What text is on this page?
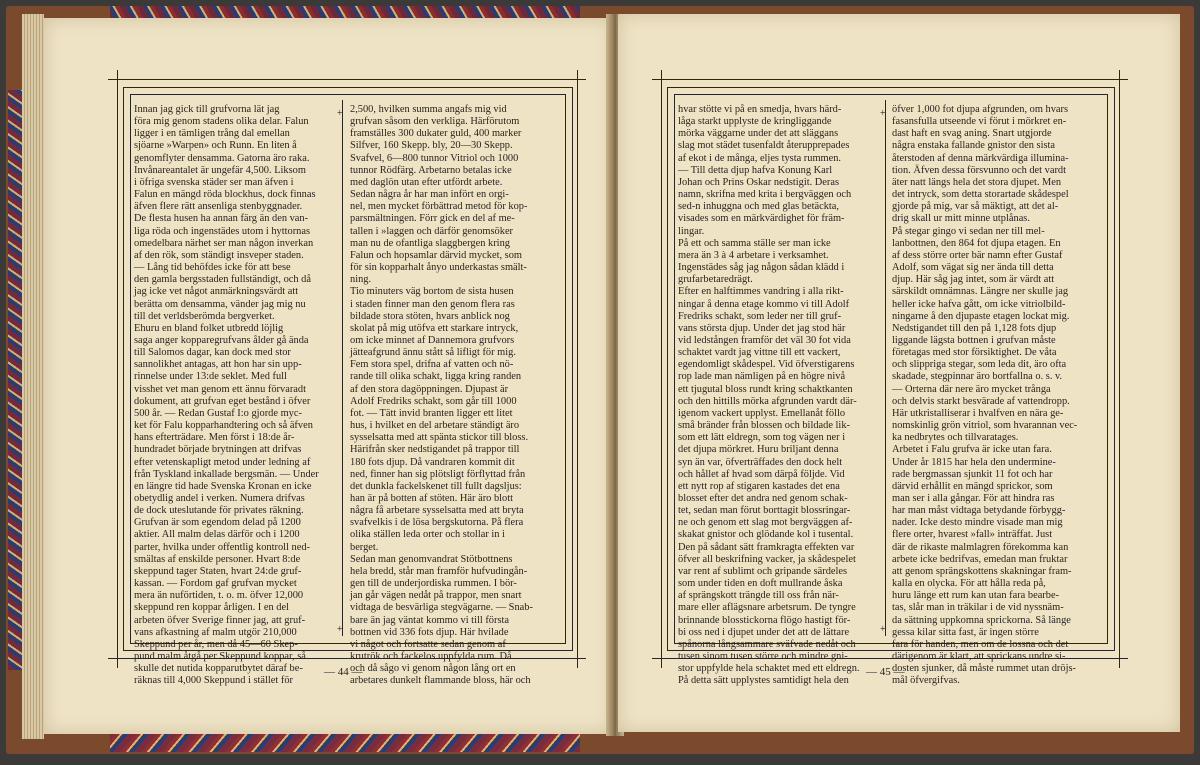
+
+
Innan jag gick till grufvorna lät jag
föra mig genom stadens olika delar. Falun
ligger i en tämligen trång dal emellan
sjöarne »Warpen» och Runn. En liten å
genomflyter densamma. Gatorna äro raka.
Invånareantalet är ungefär 4,500. Liksom
i öfriga svenska städer ser man äfven i
Falun en mängd röda blockhus, dock finnas
äfven flere rätt ansenliga stenbyggnader.
De flesta husen ha annan färg än den van-
liga röda och ingenstädes utom i hyttornas
omedelbara närhet ser man någon inverkan
af den rök, som ständigt insveper staden.
— Lång tid behöfdes icke för att bese
den gamla bergsstaden fullständigt, och då
jag icke vet något anmärkningsvärdt att
berätta om densamma, vänder jag mig nu
till det verldsberömda bergverket.
Ehuru en bland folket utbredd löjlig
saga anger kopparegrufvans ålder gå ända
till Salomos dagar, kan dock med stor
sannolikhet antagas, att hon har sin upp-
rinnelse under 13:de seklet. Med full
visshet vet man genom ett ännu förvaradt
dokument, att grufvan eget bestånd i öfver
500 år. — Redan Gustaf I:o gjorde myc-
ket för Falu kopparhandtering och så äfven
hans efterträdare. Men först i 18:de år-
hundradet började brytningen att drifvas
efter vetenskapligt metod under ledning af
från Tyskland inkallade bergsmän. — Under
en längre tid hade Svenska Kronan en icke
obetydlig andel i verken. Numera drifvas
de dock uteslutande för privates räkning.
Grufvan är som egendom delad på 1200
aktier. All malm delas därför och i 1200
parter, hvilka under offentlig kontroll ned-
smältas af enskilde personer. Hvart 8:de
skeppund tager Staten, hvart 24:de gruf-
kassan. — Fordom gaf grufvan mycket
mera än nuförtiden, t. o. m. öfver 12,000
skeppund ren koppar årligen. I en del
arbeten öfver Sverige finner jag, att gruf-
vans afkastning af malm utgör 210,000
Skeppund per år, men då 45—60 Skep-
pund malm åtgå per Skeppund koppar, så
skulle det nutida kopparutbytet däraf be-
räknas till 4,000 Skeppund i stället för
2,500, hvilken summa angafs mig vid
grufvan såsom den verkliga. Härförutom
framställes 300 dukater guld, 400 marker
Silfver, 160 Skepp. bly, 20—30 Skepp.
Svafvel, 6—800 tunnor Vitriol och 1000
tunnor Rödfärg. Arbetarno betalas icke
med daglön utan efter utfördt arbete.
Sedan några år har man infört en orgi-
nel, men mycket förbättrad metod för kop-
parsmältningen. Förr gick en del af me-
tallen i »laggen och därför genomsöker
man nu de ofantliga slaggbergen kring
Falun och hopsamlar därvid mycket, som
för sin kopparhalt ånyo underkastas smält-
ning.
Tio minuters väg bortom de sista husen
i staden finner man den genom flera ras
bildade stora stöten, hvars anblick nog
skolat på mig utöfva ett starkare intryck,
om icke minnet af Dannemora grufvors
jätteafgrund ännu stått så lifligt för mig.
Fem stora spel, drifna af vatten och nö-
rande till olika schakt, ligga kring randen
af den stora dagöppningen. Djupast är
Adolf Fredriks schakt, som går till 1000
fot. — Tätt invid branten ligger ett litet
hus, i hvilket en del arbetare ständigt äro
sysselsatta med att späntа stickor till bloss.
Härifrån sker nedstigandet på trappor till
180 fots djup. Då vandraren kommit dit
ned, finner han sig plötsligt förflyttad från
det dunkla fackelskenet till fullt dagsljus:
han är på botten af stöten. Här äro blott
några få arbetare sysselsatta med att bryta
svafvelkis i de lösa bergskutorna. På flera
olika ställen leda orter och stollar in i
berget.
Sedan man genomvandrat Stötbottnens
hela bredd, står man framför hufvudingån-
gen till de underjordiska rummen. I bör-
jan går vägen nedåt på trappor, men snart
vidtaga de besvärliga stegvägarne. — Snab-
bare än jag väntat kommo vi till första
bottnen vid 336 fots djup. Här hvilade
vi något och fortsatte sedan genom af
krutrök och fackelos uppfylda rum. Då
och då sågo vi genom någon lång ort en
arbetares dunkelt flammande bloss, här och
— 44 —
+
+
hvar stötte vi på en smedja, hvars härd-
låga starkt upplyste de kringliggande
mörka väggarne under det att släggans
slag mot städet tusenfaldt återupprepades
af ekot i de många, eljes tysta rummen.
— Till detta djup hafva Konung Karl
Johan och Prins Oskar nedstigit. Deras
namn, skrifna med krita i bergväggen och
sed-n inhuggna och med glas betäckta,
visades som en märkvärdighet för främ-
lingar.
På ett och samma ställe ser man icke
mera än 3 à 4 arbetare i verksamhet.
Ingenstädes såg jag någon sådan klädd i
grufarbetaredrägt.
Efter en halftimmes vandring i alla rikt-
ningar å denna etage kommo vi till Adolf
Fredriks schakt, som leder ner till gruf-
vans största djup. Under det jag stod här
vid ledstången framför det väl 30 fot vida
schaktet vardt jag vittne till ett vackert,
egendomligt skådespel. Vid öfverstigarens
rop lade man nämligen på en högre nivå
ett tjugutal bloss rundt kring schaktkanten
och den hittills mörka afgrunden vardt där-
igenom vackert upplyst. Emellanåt föllo
små bränder från blossen och bildade lik-
som ett lätt eldregn, som tog vägen ner i
det djupa mörkret. Huru briljant denna
syn än var, öfverträffades den dock helt
och hållet af hvad som därpå följde. Vid
ett nytt rop af stigaren kastades det ena
blosset efter det andra ned genom schak-
tet, sedan man förut borttagit blossringar-
ne och genom ett slag mot bergväggen af-
skakat gnistor och glödande kol i tusental.
Den på sådant sätt framkragta effekten var
öfver all beskrifning vacker, ja skådespelet
var rent af sublimt och gripande särdeles
som under tiden en doft mullrande åska
af sprängskott trängde till oss från när-
mare eller aflägsnare arbetsrum. De tyngre
brinnande blosstickorna flögo hastigt för-
bi oss ned i djupet under det att de lättare
spånorna långsammare sväfvade nedåt och
tusen sinom tusen större och mindre gni-
stor uppfylde hela schaktet med ett eldregn.
På detta sätt upplystes samtidigt hela den
öfver 1,000 fot djupa afgrunden, om hvars
fasansfulla utseende vi förut i mörkret en-
dast haft en svag aning. Snart utgjorde
några enstaka fallande gnistor den sista
återstoden af denna märkvärdiga illumina-
tion. Äfven dessa försvunno och det vardt
äter natt längs hela det stora djupet. Men
det intryck, som detta storartade skådespel
gjorde på mig, var så mäktigt, att det al-
drig skall ur mitt minne utplånas.
På stegar gingo vi sedan ner till mel-
lanbottnen, den 864 fot djupa etagen. En
af dess större orter bär namn efter Gustaf
Adolf, som vägat sig ner ända till detta
djup. Här såg jag intet, som är värdt att
särskildt omnämnas. Längre ner skulle jag
heller icke hafva gått, om icke vitriolbild-
ningarne å den djupaste etagen lockat mig.
Nedstigandet till den på 1,128 fots djup
liggande lägsta bottnen i grufvan måste
företagas med stor försiktighet. De våta
och slippriga stegar, som leda dit, äro ofta
skadade, stegpinnar äro bortfallna o. s. v.
— Orterna där nere äro mycket trånga
och delvis starkt besvärade af vattendropp.
Här utkristalliserar i hvalfven en nära ge-
nomskinlig grön vitriol, som hvarannan vec-
ka nedbrytes och tillvaratages.
Arbetet i Falu grufva är icke utan fara.
Under år 1815 har hela den undermine-
rade bergmassan sjunkit 11 fot och har
därvid erhållit en mängd sprickor, som
man ser i alla gångar. För att hindra ras
har man måst vidtaga betydande förbygg-
nader. Icke desto mindre visade man mig
flere orter, hvarest »fall» inträffat. Just
där de rikaste malmlagren förekomma kan
arbete icke bedrifvas, emedan man fruktar
att genom sprängskottens skakningar fram-
kalla en olycka. För att hålla reda på,
huru länge ett rum kan utan fara bearbe-
tas, slår man in träkilar i de vid nyssnäm-
da sättning uppkomna sprickorna. Så länge
gessa kilar sitta fast, är ingen större
fara för handen, men om de lossna och det
därigenom är klart, att sprickans undre si-
dosten sjunker, då måste rummet utan dröjs-
mål öfvergifvas.
— 45 —
